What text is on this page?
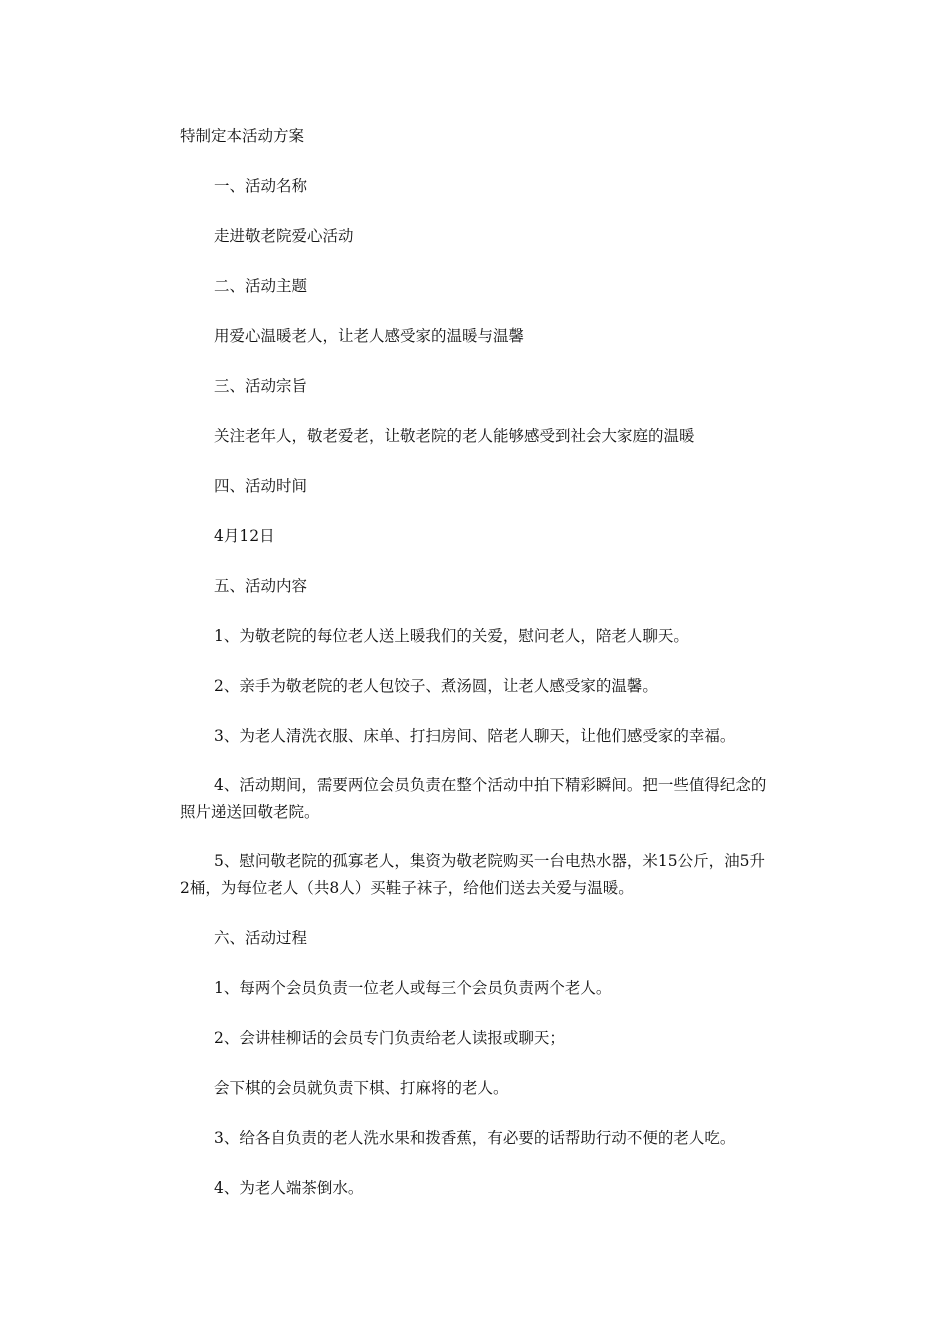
特制定本活动方案

一、活动名称

走进敬老院爱心活动

二、活动主题

用爱心温暖老人，让老人感受家的温暖与温馨

三、活动宗旨

关注老年人，敬老爱老，让敬老院的老人能够感受到社会大家庭的温暖

四、活动时间

4月12日

五、活动内容

1、为敬老院的每位老人送上暖我们的关爱，慰问老人，陪老人聊天。

2、亲手为敬老院的老人包饺子、煮汤圆，让老人感受家的温馨。

3、为老人清洗衣服、床单、打扫房间、陪老人聊天，让他们感受家的幸福。

4、活动期间，需要两位会员负责在整个活动中拍下精彩瞬间。把一些值得纪念的照片递送回敬老院。

5、慰问敬老院的孤寡老人，集资为敬老院购买一台电热水器，米15公斤，油5升2桶，为每位老人（共8人）买鞋子袜子，给他们送去关爱与温暖。

六、活动过程

1、每两个会员负责一位老人或每三个会员负责两个老人。

2、会讲桂柳话的会员专门负责给老人读报或聊天；

会下棋的会员就负责下棋、打麻将的老人。

3、给各自负责的老人洗水果和拨香蕉，有必要的话帮助行动不便的老人吃。

4、为老人端茶倒水。
